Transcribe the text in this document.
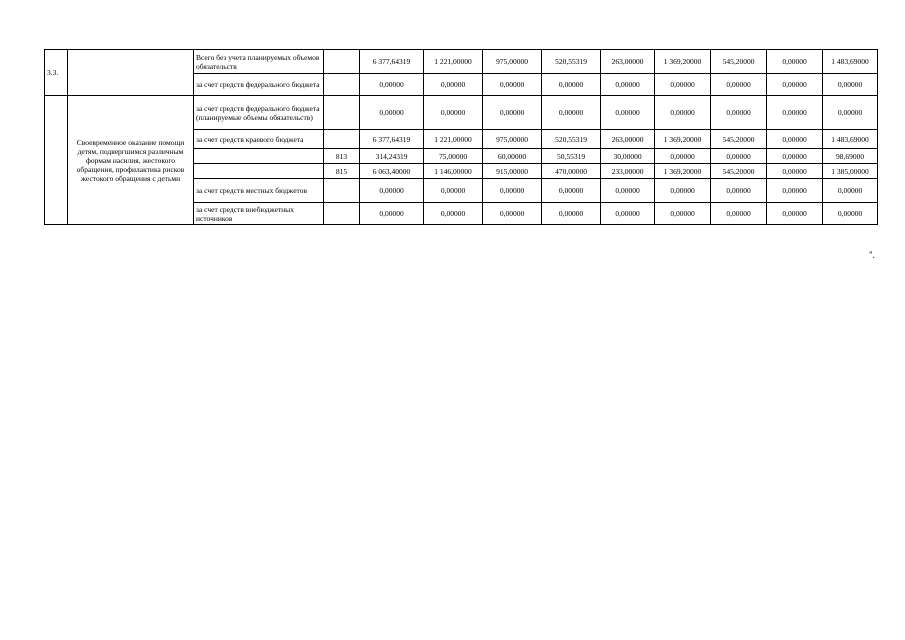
3.3.		Всего без учета планируемых объемов обязательств		6 377,64319	1 221,00000	975,00000	520,55319	263,00000	1 369,20000	545,20000	0,00000	1 483,69000
		за счет средств федерального бюджета		0,00000	0,00000	0,00000	0,00000	0,00000	0,00000	0,00000	0,00000	0,00000
	Своевременное оказание помощи детям, подвергшимся различным формам насилия, жестокого обращения, профилактика рисков жестокого обращения с детьми	за счет средств федерального бюджета (планируемые объемы обязательств)		0,00000	0,00000	0,00000	0,00000	0,00000	0,00000	0,00000	0,00000	0,00000
		за счет средств краевого бюджета		6 377,64319	1 221,00000	975,00000	520,55319	263,00000	1 369,20000	545,20000	0,00000	1 483,69000
			813	314,24319	75,00000	60,00000	50,55319	30,00000	0,00000	0,00000	0,00000	98,69000
			815	6 063,40000	1 146,00000	915,00000	470,00000	233,00000	1 369,20000	545,20000	0,00000	1 385,00000
		за счет средств местных бюджетов		0,00000	0,00000	0,00000	0,00000	0,00000	0,00000	0,00000	0,00000	0,00000
		за счет средств внебюджетных источников		0,00000	0,00000	0,00000	0,00000	0,00000	0,00000	0,00000	0,00000	0,00000
".
